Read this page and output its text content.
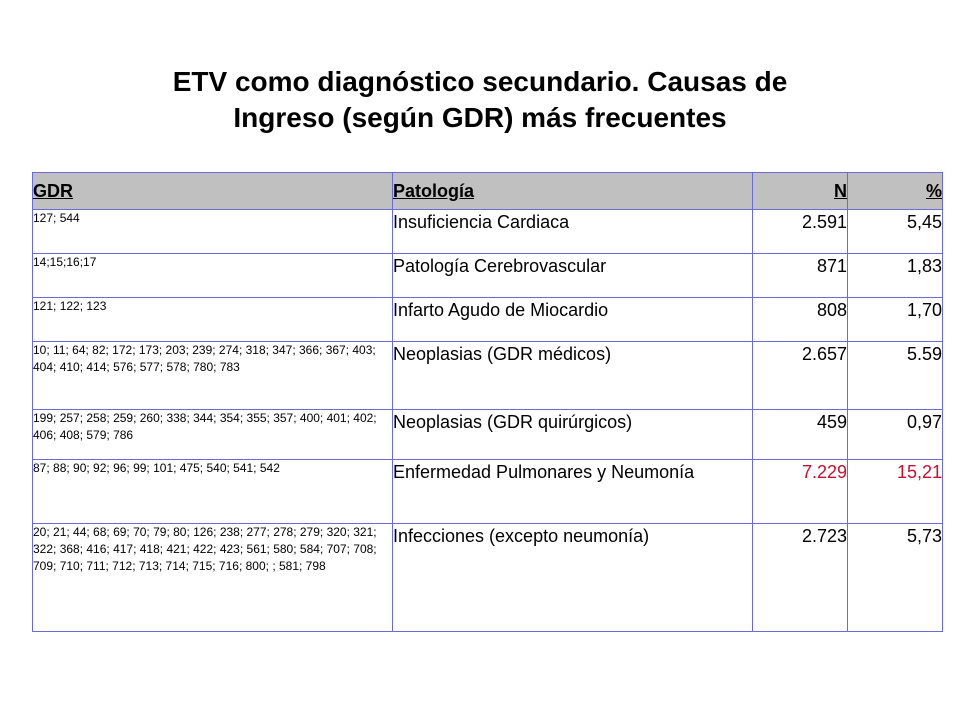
ETV como diagnóstico secundario. Causas de
Ingreso (según GDR) más frecuentes
GDR	Patología	N	%
127; 544	Insuficiencia Cardiaca	2.591	5,45
14;15;16;17	Patología Cerebrovascular	871	1,83
121; 122; 123	Infarto Agudo de Miocardio	808	1,70
10; 11; 64; 82; 172; 173; 203; 239; 274; 318; 347; 366; 367; 403; 404; 410; 414; 576; 577; 578; 780; 783	Neoplasias (GDR médicos)	2.657	5.59
199; 257; 258; 259; 260; 338; 344; 354; 355; 357; 400; 401; 402; 406; 408; 579; 786	Neoplasias (GDR quirúrgicos)	459	0,97
87; 88; 90; 92; 96; 99; 101; 475; 540; 541; 542	Enfermedad Pulmonares y Neumonía	7.229	15,21
20; 21; 44; 68; 69; 70; 79; 80; 126; 238; 277; 278; 279; 320; 321; 322; 368; 416; 417; 418; 421; 422; 423; 561; 580; 584; 707; 708; 709; 710; 711; 712; 713; 714; 715; 716; 800; ; 581; 798	Infecciones (excepto neumonía)	2.723	5,73
